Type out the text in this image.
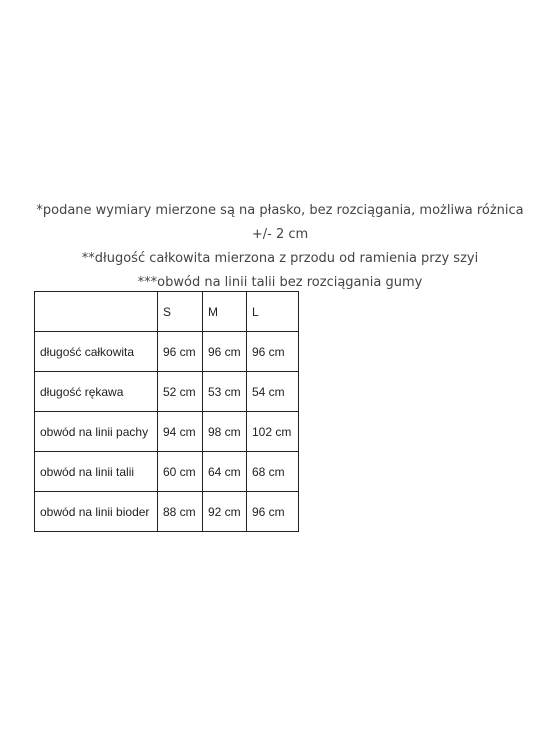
*podane wymiary mierzone są na płasko, bez rozciągania, możliwa różnica +/- 2 cm

**długość całkowita mierzona z przodu od ramienia przy szyi

***obwód na linii talii bez rozciągania gumy

	S	M	L
długość całkowita	96 cm	96 cm	96 cm
długość rękawa	52 cm	53 cm	54 cm
obwód na linii pachy	94 cm	98 cm	102 cm
obwód na linii talii	60 cm	64 cm	68 cm
obwód na linii bioder	88 cm	92 cm	96 cm
